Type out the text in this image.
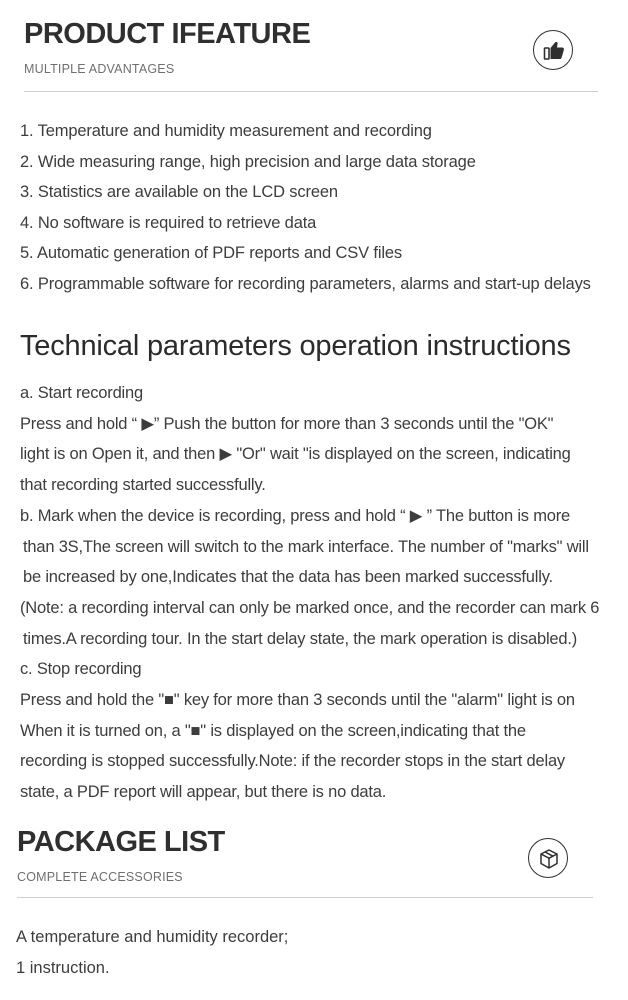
PRODUCT IFEATURE
MULTIPLE ADVANTAGES
1. Temperature and humidity measurement and recording
2. Wide measuring range, high precision and large data storage
3. Statistics are available on the LCD screen
4. No software is required to retrieve data
5. Automatic generation of PDF reports and CSV files
6. Programmable software for recording parameters, alarms and start-up delays
Technical parameters operation instructions
a. Start recording
Press and hold “ ▶” Push the button for more than 3 seconds until the "OK"
light is on Open it, and then ▶ "Or" wait "is displayed on the screen, indicating
that recording started successfully.
b. Mark when the device is recording, press and hold “ ▶ ” The button is more
than 3S,The screen will switch to the mark interface. The number of "marks" will
be increased by one,Indicates that the data has been marked successfully.
(Note: a recording interval can only be marked once, and the recorder can mark 6
times.A recording tour. In the start delay state, the mark operation is disabled.)
c. Stop recording
Press and hold the "■" key for more than 3 seconds until the "alarm" light is on
When it is turned on, a "■" is displayed on the screen,indicating that the
recording is stopped successfully.Note: if the recorder stops in the start delay
state, a PDF report will appear, but there is no data.
PACKAGE LIST
COMPLETE ACCESSORIES
A temperature and humidity recorder;
1 instruction.
